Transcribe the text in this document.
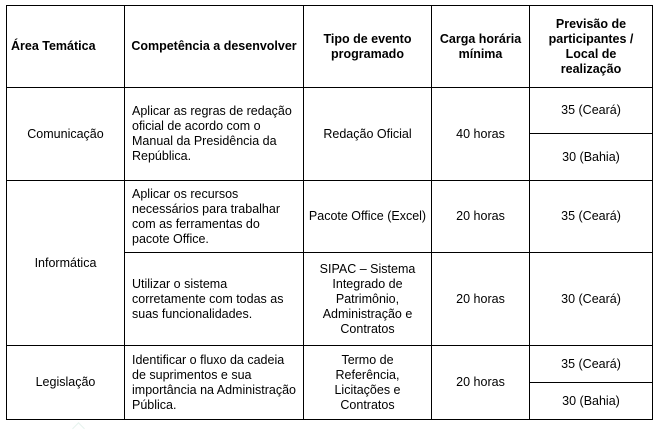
Área Temática	Competência a desenvolver	Tipo de evento programado	Carga horária mínima	Previsão de participantes / Local de realização
Comunicação	Aplicar as regras de redação oficial de acordo com o Manual da Presidência da República.	Redação Oficial	40 horas	35 (Ceará)
				30 (Bahia)
Informática	Aplicar os recursos necessários para trabalhar com as ferramentas do pacote Office.	Pacote Office (Excel)	20 horas	35 (Ceará)
	Utilizar o sistema corretamente com todas as suas funcionalidades.	SIPAC – Sistema Integrado de Patrimônio, Administração e Contratos	20 horas	30 (Ceará)
Legislação	Identificar o fluxo da cadeia de suprimentos e sua importância na Administração Pública.	Termo de Referência, Licitações e Contratos	20 horas	35 (Ceará)
				30 (Bahia)
